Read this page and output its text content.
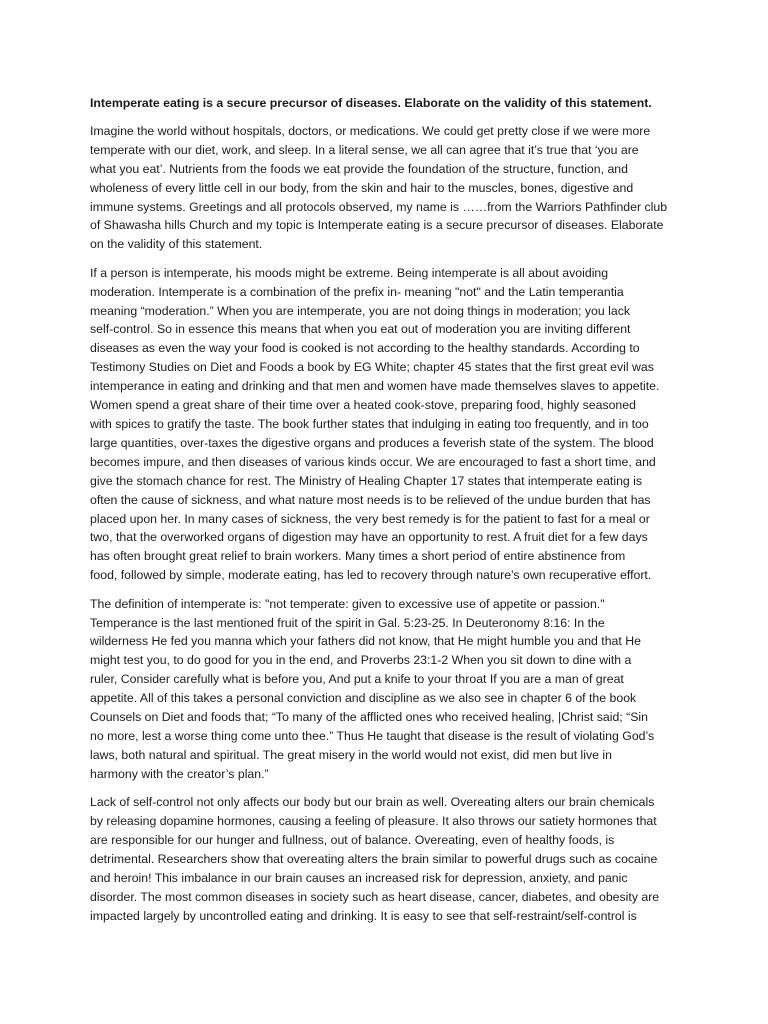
Intemperate eating is a secure precursor of diseases. Elaborate on the validity of this statement.
Imagine the world without hospitals, doctors, or medications. We could get pretty close if we were more
temperate with our diet, work, and sleep. In a literal sense, we all can agree that it’s true that ‘you are
what you eat’. Nutrients from the foods we eat provide the foundation of the structure, function, and
wholeness of every little cell in our body, from the skin and hair to the muscles, bones, digestive and
immune systems. Greetings and all protocols observed, my name is ……from the Warriors Pathfinder club
of Shawasha hills Church and my topic is Intemperate eating is a secure precursor of diseases. Elaborate
on the validity of this statement.
If a person is intemperate, his moods might be extreme. Being intemperate is all about avoiding
moderation. Intemperate is a combination of the prefix in- meaning "not" and the Latin temperantia
meaning “moderation.” When you are intemperate, you are not doing things in moderation; you lack
self-control. So in essence this means that when you eat out of moderation you are inviting different
diseases as even the way your food is cooked is not according to the healthy standards. According to
Testimony Studies on Diet and Foods a book by EG White; chapter 45 states that the first great evil was
intemperance in eating and drinking and that men and women have made themselves slaves to appetite.
Women spend a great share of their time over a heated cook-stove, preparing food, highly seasoned
with spices to gratify the taste. The book further states that indulging in eating too frequently, and in too
large quantities, over-taxes the digestive organs and produces a feverish state of the system. The blood
becomes impure, and then diseases of various kinds occur. We are encouraged to fast a short time, and
give the stomach chance for rest. The Ministry of Healing Chapter 17 states that intemperate eating is
often the cause of sickness, and what nature most needs is to be relieved of the undue burden that has
placed upon her. In many cases of sickness, the very best remedy is for the patient to fast for a meal or
two, that the overworked organs of digestion may have an opportunity to rest. A fruit diet for a few days
has often brought great relief to brain workers. Many times a short period of entire abstinence from
food, followed by simple, moderate eating, has led to recovery through nature's own recuperative effort.
The definition of intemperate is: "not temperate: given to excessive use of appetite or passion."
Temperance is the last mentioned fruit of the spirit in Gal. 5:23-25. In Deuteronomy 8:16: In the
wilderness He fed you manna which your fathers did not know, that He might humble you and that He
might test you, to do good for you in the end, and Proverbs 23:1-2 When you sit down to dine with a
ruler, Consider carefully what is before you, And put a knife to your throat If you are a man of great
appetite. All of this takes a personal conviction and discipline as we also see in chapter 6 of the book
Counsels on Diet and foods that; “To many of the afflicted ones who received healing, |Christ said; “Sin
no more, lest a worse thing come unto thee.” Thus He taught that disease is the result of violating God’s
laws, both natural and spiritual. The great misery in the world would not exist, did men but live in
harmony with the creator’s plan.”
Lack of self-control not only affects our body but our brain as well. Overeating alters our brain chemicals
by releasing dopamine hormones, causing a feeling of pleasure. It also throws our satiety hormones that
are responsible for our hunger and fullness, out of balance. Overeating, even of healthy foods, is
detrimental. Researchers show that overeating alters the brain similar to powerful drugs such as cocaine
and heroin! This imbalance in our brain causes an increased risk for depression, anxiety, and panic
disorder. The most common diseases in society such as heart disease, cancer, diabetes, and obesity are
impacted largely by uncontrolled eating and drinking. It is easy to see that self-restraint/self-control is
